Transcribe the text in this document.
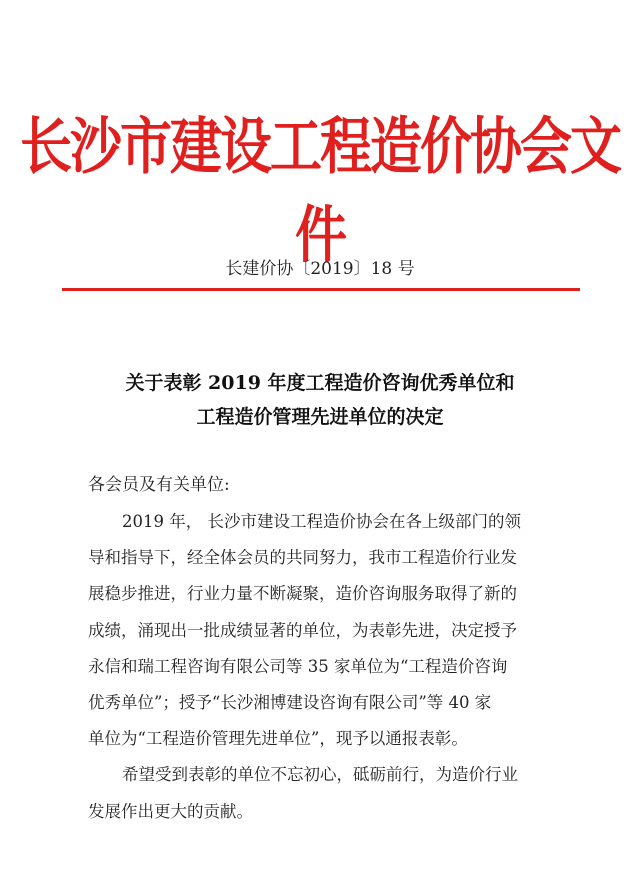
长沙市建设工程造价协会文件
长建价协〔2019〕18 号
关于表彰 2019 年度工程造价咨询优秀单位和
工程造价管理先进单位的决定
各会员及有关单位:

2019 年， 长沙市建设工程造价协会在各上级部门的领
导和指导下，经全体会员的共同努力，我市工程造价行业发
展稳步推进，行业力量不断凝聚，造价咨询服务取得了新的
成绩，涌现出一批成绩显著的单位，为表彰先进，决定授予
永信和瑞工程咨询有限公司等 35 家单位为“工程造价咨询
优秀单位”；授予“长沙湘博建设咨询有限公司”等 40 家
单位为“工程造价管理先进单位”，现予以通报表彰。

希望受到表彰的单位不忘初心，砥砺前行，为造价行业
发展作出更大的贡献。
